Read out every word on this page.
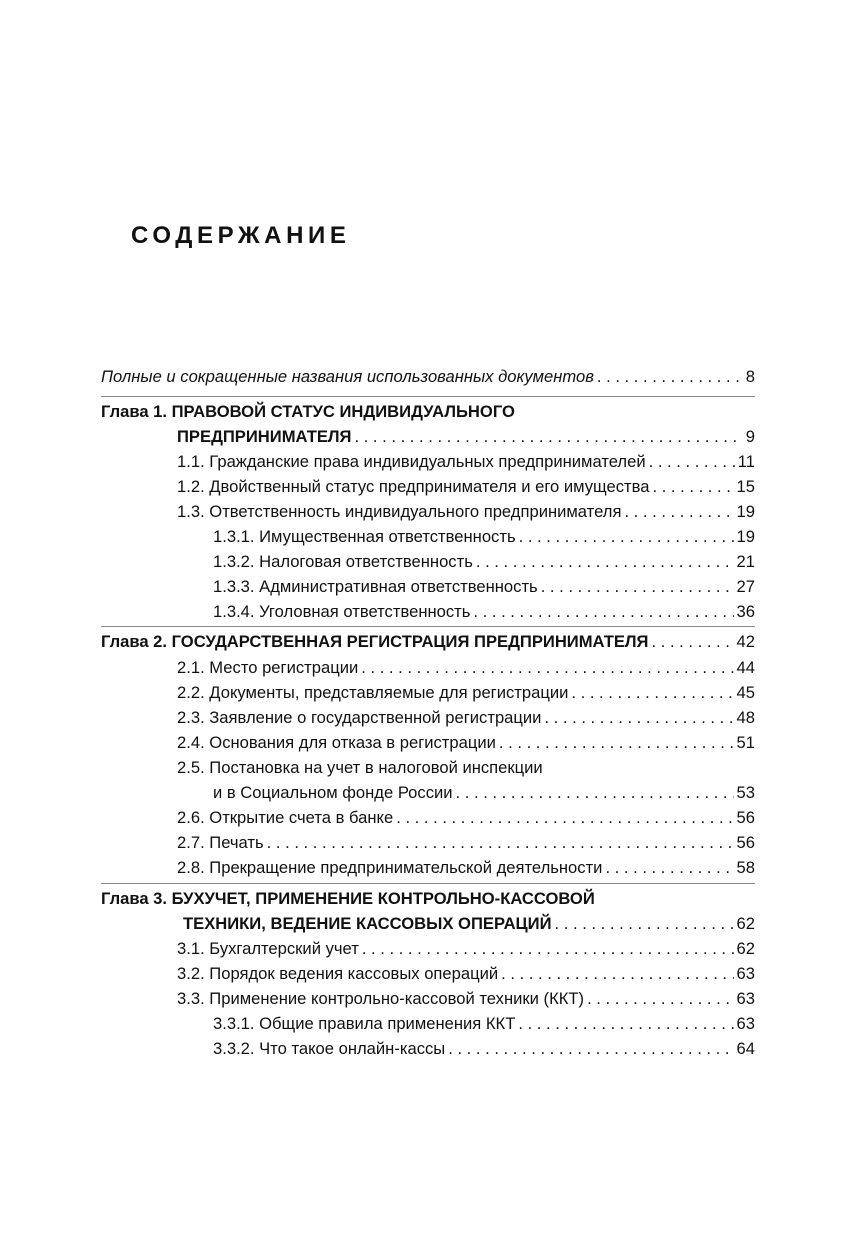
СОДЕРЖАНИЕ
Полные и сокращенные названия использованных документов . . .	8
Глава 1. ПРАВОВОЙ СТАТУС ИНДИВИДУАЛЬНОГО
ПРЕДПРИНИМАТЕЛЯ . . .	9
1.1. Гражданские права индивидуальных предпринимателей . . .	11
1.2. Двойственный статус предпринимателя и его имущества . . .	15
1.3. Ответственность индивидуального предпринимателя . . .	19
1.3.1. Имущественная ответственность . . .	19
1.3.2. Налоговая ответственность . . .	21
1.3.3. Административная ответственность . . .	27
1.3.4. Уголовная ответственность . . .	36
Глава 2. ГОСУДАРСТВЕННАЯ РЕГИСТРАЦИЯ ПРЕДПРИНИМАТЕЛЯ . . .	42
2.1. Место регистрации . . .	44
2.2. Документы, представляемые для регистрации . . .	45
2.3. Заявление о государственной регистрации . . .	48
2.4. Основания для отказа в регистрации . . .	51
2.5. Постановка на учет в налоговой инспекции
и в Социальном фонде России . . .	53
2.6. Открытие счета в банке . . .	56
2.7. Печать . . .	56
2.8. Прекращение предпринимательской деятельности . . .	58
Глава 3. БУХУЧЕТ, ПРИМЕНЕНИЕ КОНТРОЛЬНО-КАССОВОЙ
ТЕХНИКИ, ВЕДЕНИЕ КАССОВЫХ ОПЕРАЦИЙ . . .	62
3.1. Бухгалтерский учет . . .	62
3.2. Порядок ведения кассовых операций . . .	63
3.3. Применение контрольно-кассовой техники (ККТ) . . .	63
3.3.1. Общие правила применения ККТ . . .	63
3.3.2. Что такое онлайн-кассы . . .	64
